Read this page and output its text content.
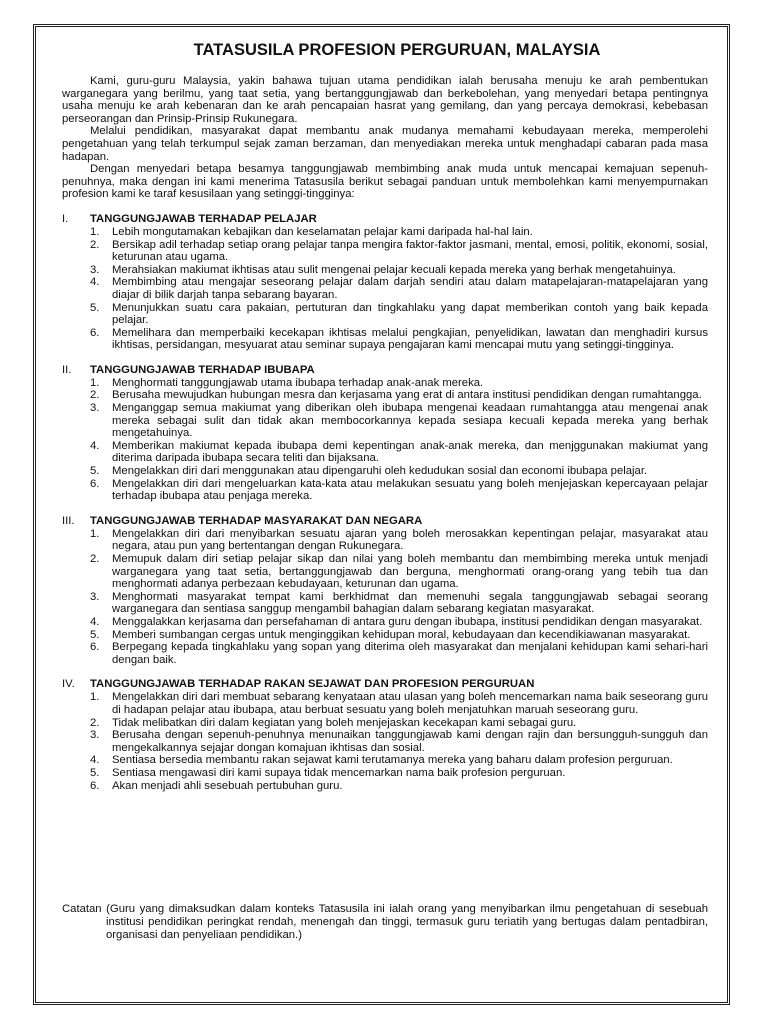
TATASUSILA PROFESION PERGURUAN, MALAYSIA

Kami, guru-guru Malaysia, yakin bahawa tujuan utama pendidikan ialah berusaha menuju ke arah pembentukan warganegara yang berilmu, yang taat setia, yang bertanggungjawab dan berkebolehan, yang menyedari betapa pentingnya usaha menuju ke arah kebenaran dan ke arah pencapaian hasrat yang gemilang, dan yang percaya demokrasi, kebebasan perseorangan dan Prinsip-Prinsip Rukunegara.

Melalui pendidikan, masyarakat dapat membantu anak mudanya memahami kebudayaan mereka, memperolehi pengetahuan yang telah terkumpul sejak zaman berzaman, dan menyediakan mereka untuk menghadapi cabaran pada masa hadapan.

Dengan menyedari betapa besamya tanggungjawab membimbing anak muda untuk mencapai kemajuan sepenuh-penuhnya, maka dengan ini kami menerima Tatasusila berikut sebagai panduan untuk membolehkan kami menyempurnakan profesion kami ke taraf kesusilaan yang setinggi-tingginya:

I.	TANGGUNGJAWAB TERHADAP PELAJAR
1.	Lebih mongutamakan kebajikan dan keselamatan pelajar kami daripada hal-hal lain.
2.	Bersikap adil terhadap setiap orang pelajar tanpa mengira faktor-faktor jasmani, mental, emosi, politik, ekonomi, sosial, keturunan atau ugama.
3.	Merahsiakan makiumat ikhtisas atau sulit mengenai pelajar kecuali kepada mereka yang berhak mengetahuinya.
4.	Membimbing atau mengajar seseorang pelajar dalam darjah sendiri atau dalam matapelajaran-matapelajaran yang diajar di bilik darjah tanpa sebarang bayaran.
5.	Menunjukkan suatu cara pakaian, pertuturan dan tingkahlaku yang dapat memberikan contoh yang baik kepada pelajar.
6.	Memelihara dan memperbaiki kecekapan ikhtisas melalui pengkajian, penyelidikan, lawatan dan menghadiri kursus ikhtisas, persidangan, mesyuarat atau seminar supaya pengajaran kami mencapai mutu yang setinggi-tingginya.
II.	TANGGUNGJAWAB TERHADAP IBUBAPA
1.	Menghormati tanggungjawab utama ibubapa terhadap anak-anak mereka.
2.	Berusaha mewujudkan hubungan mesra dan kerjasama yang erat di antara institusi pendidikan dengan rumahtangga.
3.	Menganggap semua makiumat yang diberikan oleh ibubapa mengenai keadaan rumahtangga atau mengenai anak mereka sebagai sulit dan tidak akan membocorkannya kepada sesiapa kecuali kepada mereka yang berhak mengetahuinya.
4.	Memberikan makiumat kepada ibubapa demi kepentingan anak-anak mereka, dan menjggunakan makiumat yang diterima daripada ibubapa secara teliti dan bijaksana.
5.	Mengelakkan diri dari menggunakan atau dipengaruhi oleh kedudukan sosial dan economi ibubapa pelajar.
6.	Mengelakkan diri dari mengeluarkan kata-kata atau melakukan sesuatu yang boleh menjejaskan kepercayaan pelajar terhadap ibubapa atau penjaga mereka.
III.	TANGGUNGJAWAB TERHADAP MASYARAKAT DAN NEGARA
1.	Mengelakkan diri dari menyibarkan sesuatu ajaran yang boleh merosakkan kepentingan pelajar, masyarakat atau negara, atau pun yang bertentangan dengan Rukunegara.
2.	Memupuk dalam diri setiap pelajar sikap dan nilai yang boleh membantu dan membimbing mereka untuk menjadi warganegara yang taat setia, bertanggungjawab dan berguna, menghormati orang-orang yang tebih tua dan menghormati adanya perbezaan kebudayaan, keturunan dan ugama.
3.	Menghormati masyarakat tempat kami berkhidmat dan memenuhi segala tanggungjawab sebagai seorang warganegara dan sentiasa sanggup mengambil bahagian dalam sebarang kegiatan masyarakat.
4.	Menggalakkan kerjasama dan persefahaman di antara guru dengan ibubapa, institusi pendidikan dengan masyarakat.
5.	Memberi sumbangan cergas untuk menginggikan kehidupan moral, kebudayaan dan kecendikiawanan masyarakat.
6.	Berpegang kepada tingkahlaku yang sopan yang diterima oleh masyarakat dan menjalani kehidupan kami sehari-hari dengan baik.
IV.	TANGGUNGJAWAB TERHADAP RAKAN SEJAWAT DAN PROFESION PERGURUAN
1.	Mengelakkan diri dari membuat sebarang kenyataan atau ulasan yang boleh mencemarkan nama baik seseorang guru di hadapan pelajar atau ibubapa, atau berbuat sesuatu yang boleh menjatuhkan maruah seseorang guru.
2.	Tidak melibatkan diri dalam kegiatan yang boleh menjejaskan kecekapan kami sebagai guru.
3.	Berusaha dengan sepenuh-penuhnya menunaikan tanggungjawab kami dengan rajin dan bersungguh-sungguh dan mengekalkannya sejajar dongan komajuan ikhtisas dan sosial.
4.	Sentiasa bersedia membantu rakan sejawat kami terutamanya mereka yang baharu dalam profesion perguruan.
5.	Sentiasa mengawasi diri kami supaya tidak mencemarkan nama baik profesion perguruan.
6.	Akan menjadi ahli sesebuah pertubuhan guru.
Catatan (Guru yang dimaksudkan dalam konteks Tatasusila ini ialah orang yang menyibarkan ilmu pengetahuan di sesebuah institusi pendidikan peringkat rendah, menengah dan tinggi, termasuk guru teriatih yang bertugas dalam pentadbiran, organisasi dan penyeliaan pendidikan.)
